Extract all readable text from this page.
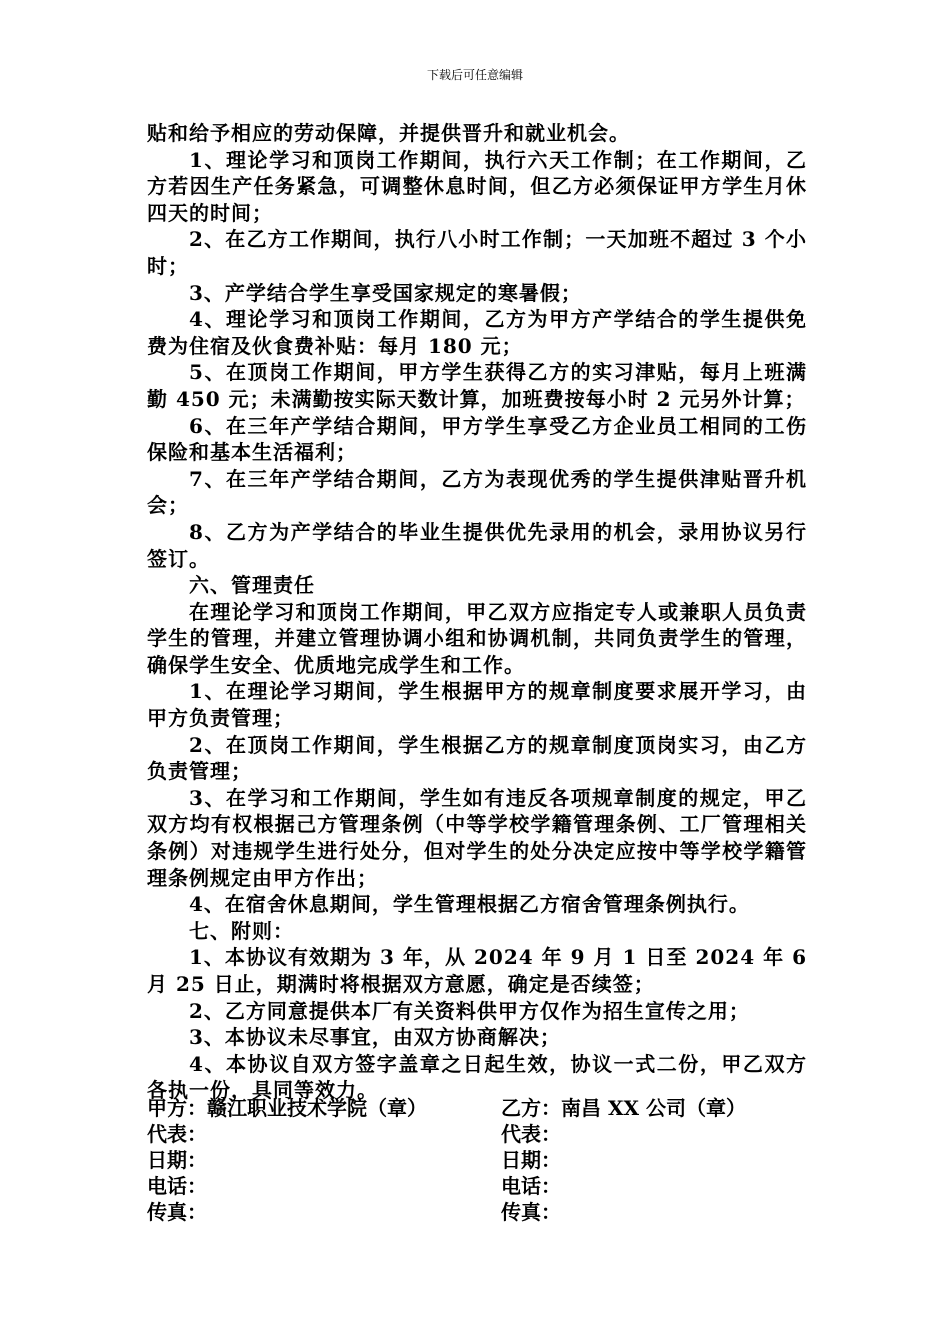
下载后可任意编辑

贴和给予相应的劳动保障，并提供晋升和就业机会。

1、理论学习和顶岗工作期间，执行六天工作制；在工作期间，乙方若因生产任务紧急，可调整休息时间，但乙方必须保证甲方学生月休四天的时间；

2、在乙方工作期间，执行八小时工作制；一天加班不超过 3 个小时；

3、产学结合学生享受国家规定的寒暑假；

4、理论学习和顶岗工作期间，乙方为甲方产学结合的学生提供免费为住宿及伙食费补贴：每月 180 元；

5、在顶岗工作期间，甲方学生获得乙方的实习津贴，每月上班满勤 450 元；未满勤按实际天数计算，加班费按每小时 2 元另外计算；

6、在三年产学结合期间，甲方学生享受乙方企业员工相同的工伤保险和基本生活福利；

7、在三年产学结合期间，乙方为表现优秀的学生提供津贴晋升机会；

8、乙方为产学结合的毕业生提供优先录用的机会，录用协议另行签订。

六、管理责任

在理论学习和顶岗工作期间，甲乙双方应指定专人或兼职人员负责学生的管理，并建立管理协调小组和协调机制，共同负责学生的管理，确保学生安全、优质地完成学生和工作。

1、在理论学习期间，学生根据甲方的规章制度要求展开学习，由甲方负责管理；

2、在顶岗工作期间，学生根据乙方的规章制度顶岗实习，由乙方负责管理；

3、在学习和工作期间，学生如有违反各项规章制度的规定，甲乙双方均有权根据己方管理条例（中等学校学籍管理条例、工厂管理相关条例）对违规学生进行处分，但对学生的处分决定应按中等学校学籍管理条例规定由甲方作出；

4、在宿舍休息期间，学生管理根据乙方宿舍管理条例执行。

七、附则：

1、本协议有效期为 3 年，从 2024 年 9 月 1 日至 2024 年 6 月 25 日止，期满时将根据双方意愿，确定是否续签；

2、乙方同意提供本厂有关资料供甲方仅作为招生宣传之用；

3、本协议未尽事宜，由双方协商解决；

4、本协议自双方签字盖章之日起生效，协议一式二份，甲乙双方各执一份，具同等效力。

甲方：赣江职业技术学院（章）	乙方：南昌 XX 公司（章）
代表：	代表：
日期：	日期：
电话：	电话：
传真：	传真：
